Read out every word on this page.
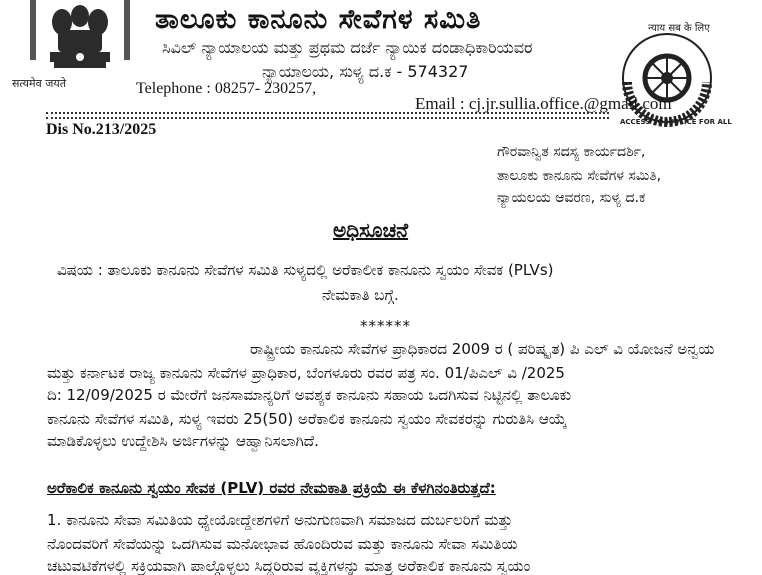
सत्यमेव जयते
न्याय सब के लिए
ACCESS TO JUSTICE FOR ALL
ತಾಲೂಕು ಕಾನೂನು ಸೇವೆಗಳ ಸಮಿತಿ
ಸಿವಿಲ್ ನ್ಯಾಯಾಲಯ ಮತ್ತು ಪ್ರಥಮ ದರ್ಜೆ ನ್ಯಾಯಿಕ ದಂಡಾಧಿಕಾರಿಯವರ
ನ್ಯಾಯಾಲಯ, ಸುಳ್ಯ ದ.ಕ - 574327
Telephone : 08257- 230257,
Email : cj.jr.sullia.office.@gmail.com
Dis No.213/2025
ಗೌರವಾನ್ವಿತ ಸದಸ್ಯ ಕಾರ್ಯದರ್ಶಿ,
ತಾಲೂಕು ಕಾನೂನು ಸೇವೆಗಳ ಸಮಿತಿ,
ನ್ಯಾಯಲಯ ಆವರಣ, ಸುಳ್ಯ ದ.ಕ
ಅಧಿಸೂಚನೆ
ವಿಷಯ : ತಾಲೂಕು ಕಾನೂನು ಸೇವೆಗಳ ಸಮಿತಿ ಸುಳ್ಯದಲ್ಲಿ ಅರೆಕಾಲೀಕ ಕಾನೂನು ಸ್ವಯಂ ಸೇವಕ (PLVs)
ನೇಮಕಾತಿ ಬಗ್ಗೆ.
******
ರಾಷ್ಟ್ರೀಯ ಕಾನೂನು ಸೇವೆಗಳ ಪ್ರಾಧಿಕಾರದ 2009 ರ ( ಪರಿಷ್ಕೃತ) ಪಿ ಎಲ್ ವಿ ಯೋಜನೆ ಅನ್ವಯ
ಮತ್ತು ಕರ್ನಾಟಕ ರಾಜ್ಯ ಕಾನೂನು ಸೇವೆಗಳ ಪ್ರಾಧಿಕಾರ, ಬೆಂಗಳೂರು ರವರ ಪತ್ರ ಸಂ. 01/ಪಿಎಲ್ ವಿ /2025
ದಿ: 12/09/2025 ರ ಮೇರೆಗೆ ಜನಸಾಮಾನ್ಯರಿಗೆ ಅವಶ್ಯಕ ಕಾನೂನು ಸಹಾಯ ಒದಗಿಸುವ ನಿಟ್ಟಿನಲ್ಲಿ ತಾಲೂಕು
ಕಾನೂನು ಸೇವೆಗಳ ಸಮಿತಿ, ಸುಳ್ಯ ಇವರು 25(50) ಅರೆಕಾಲಿಕ ಕಾನೂನು ಸ್ವಯಂ ಸೇವಕರನ್ನು ಗುರುತಿಸಿ ಆಯ್ಕೆ
ಮಾಡಿಕೊಳ್ಳಲು ಉದ್ದೇಶಿಸಿ ಅರ್ಜಿಗಳನ್ನು ಆಹ್ವಾನಿಸಲಾಗಿದೆ.
ಅರೆಕಾಲಿಕ ಕಾನೂನು ಸ್ವಯಂ ಸೇವಕ (PLV) ರವರ ನೇಮಕಾತಿ ಪ್ರಕ್ರಿಯೆ ಈ ಕೆಳಗಿನಂತಿರುತ್ತದೆ:
1. ಕಾನೂನು ಸೇವಾ ಸಮಿತಿಯ ಧ್ಯೇಯೋದ್ದೇಶಗಳಿಗೆ ಅನುಗುಣವಾಗಿ ಸಮಾಜದ ದುರ್ಬಲರಿಗೆ ಮತ್ತು
ನೊಂದವರಿಗೆ ಸೇವೆಯನ್ನು ಒದಗಿಸುವ ಮನೋಭಾವ ಹೊಂದಿರುವ ಮತ್ತು ಕಾನೂನು ಸೇವಾ ಸಮಿತಿಯ
ಚಟುವಟಿಕೆಗಳಲ್ಲಿ ಸಕ್ರಿಯವಾಗಿ ಪಾಲ್ಗೊಳ್ಳಲು ಸಿದ್ಧರಿರುವ ವ್ಯಕ್ತಿಗಳನ್ನು ಮಾತ್ರ ಅರೆಕಾಲಿಕ ಕಾನೂನು ಸ್ವಯಂ
